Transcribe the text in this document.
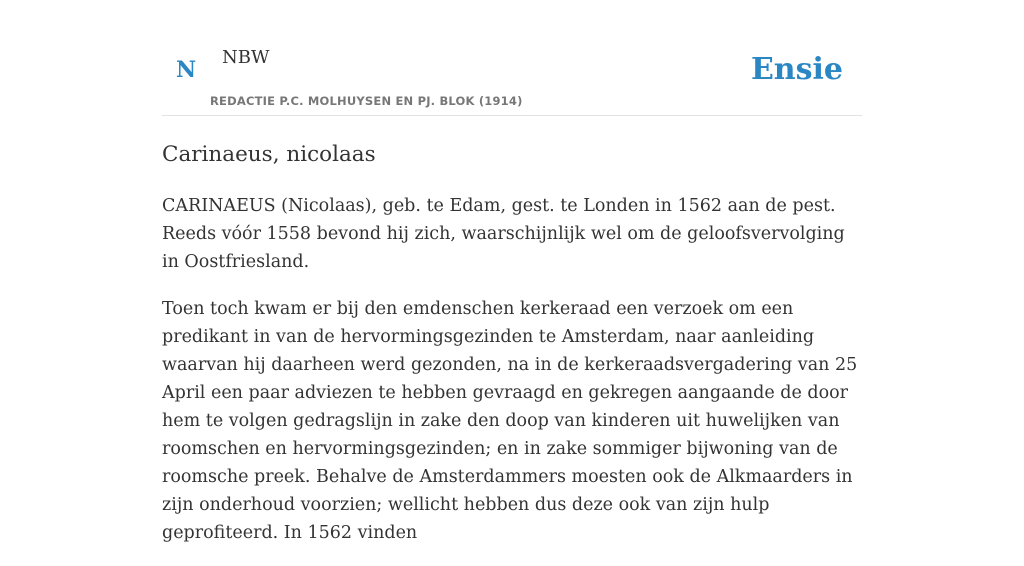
N NBW
REDACTIE P.C. MOLHUYSEN EN PJ. BLOK (1914)
Ensie
Carinaeus, nicolaas

CARINAEUS (Nicolaas), geb. te Edam, gest. te Londen in 1562 aan de pest. Reeds vóór 1558 bevond hij zich, waarschijnlijk wel om de geloofsvervolging in Oostfriesland.

Toen toch kwam er bij den emdenschen kerkeraad een verzoek om een predikant in van de hervormingsgezinden te Amsterdam, naar aanleiding waarvan hij daarheen werd gezonden, na in de kerkeraadsvergadering van 25 April een paar adviezen te hebben gevraagd en gekregen aangaande de door hem te volgen gedragslijn in zake den doop van kinderen uit huwelijken van roomschen en hervormingsgezinden; en in zake sommiger bijwoning van de roomsche preek. Behalve de Amsterdammers moesten ook de Alkmaarders in zijn onderhoud voorzien; wellicht hebben dus deze ook van zijn hulp geprofiteerd. In 1562 vinden
